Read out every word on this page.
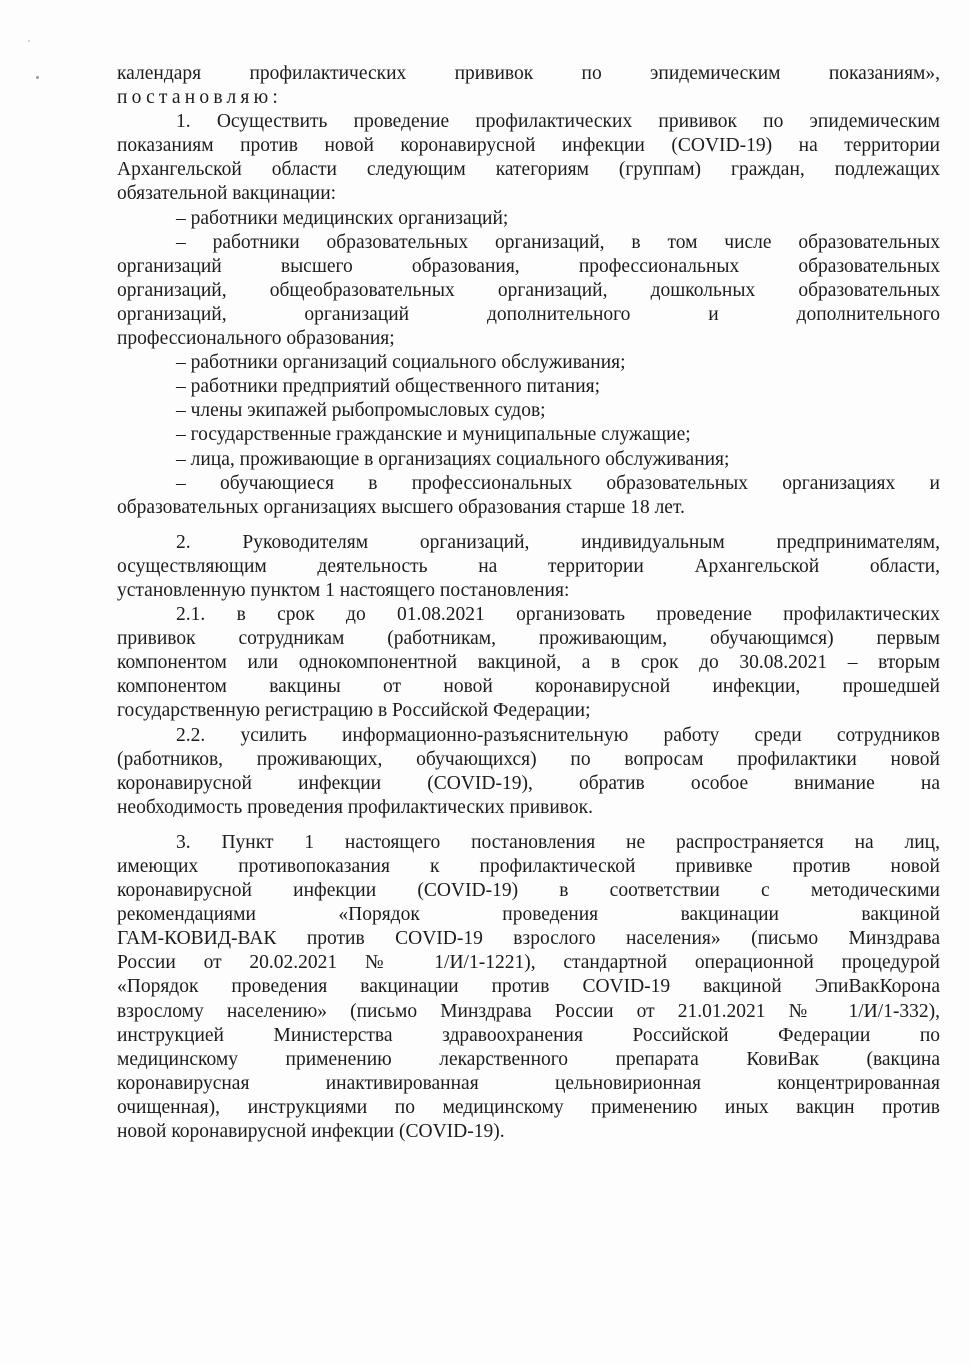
календаря профилактических прививок по эпидемическим показаниям»,
постановляю:
1. Осуществить проведение профилактических прививок по эпидемическим
показаниям против новой коронавирусной инфекции (COVID-19) на территории
Архангельской области следующим категориям (группам) граждан, подлежащих
обязательной вакцинации:
– работники медицинских организаций;
– работники образовательных организаций, в том числе образовательных
организаций высшего образования, профессиональных образовательных
организаций, общеобразовательных организаций, дошкольных образовательных
организаций, организаций дополнительного и дополнительного
профессионального образования;
– работники организаций социального обслуживания;
– работники предприятий общественного питания;
– члены экипажей рыбопромысловых судов;
– государственные гражданские и муниципальные служащие;
– лица, проживающие в организациях социального обслуживания;
– обучающиеся в профессиональных образовательных организациях и
образовательных организациях высшего образования старше 18 лет.
2. Руководителям организаций, индивидуальным предпринимателям,
осуществляющим деятельность на территории Архангельской области,
установленную пунктом 1 настоящего постановления:
2.1. в срок до 01.08.2021 организовать проведение профилактических
прививок сотрудникам (работникам, проживающим, обучающимся) первым
компонентом или однокомпонентной вакциной, а в срок до 30.08.2021 – вторым
компонентом вакцины от новой коронавирусной инфекции, прошедшей
государственную регистрацию в Российской Федерации;
2.2. усилить информационно-разъяснительную работу среди сотрудников
(работников, проживающих, обучающихся) по вопросам профилактики новой
коронавирусной инфекции (COVID-19), обратив особое внимание на
необходимость проведения профилактических прививок.
3. Пункт 1 настоящего постановления не распространяется на лиц,
имеющих противопоказания к профилактической прививке против новой
коронавирусной инфекции (COVID-19) в соответствии с методическими
рекомендациями «Порядок проведения вакцинации вакциной
ГАМ-КОВИД-ВАК против COVID-19 взрослого населения» (письмо Минздрава
России от 20.02.2021 № 1/И/1-1221), стандартной операционной процедурой
«Порядок проведения вакцинации против COVID-19 вакциной ЭпиВакКорона
взрослому населению» (письмо Минздрава России от 21.01.2021 № 1/И/1-332),
инструкцией Министерства здравоохранения Российской Федерации по
медицинскому применению лекарственного препарата КовиВак (вакцина
коронавирусная инактивированная цельновирионная концентрированная
очищенная), инструкциями по медицинскому применению иных вакцин против
новой коронавирусной инфекции (COVID-19).
